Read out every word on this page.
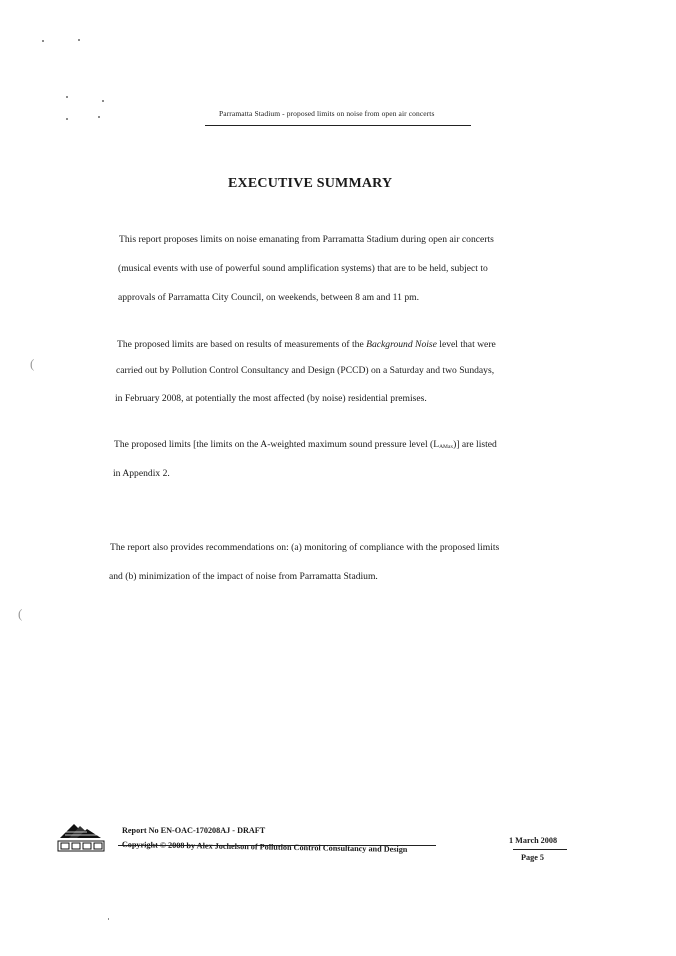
(
(
Parramatta Stadium - proposed limits on noise from open air concerts
EXECUTIVE SUMMARY
This report proposes limits on noise emanating from Parramatta Stadium during open air concerts
(musical events with use of powerful sound amplification systems) that are to be held, subject to
approvals of Parramatta City Council, on weekends, between 8 am and 11 pm.
The proposed limits are based on results of measurements of the Background Noise level that were
carried out by Pollution Control Consultancy and Design (PCCD) on a Saturday and two Sundays,
in February 2008, at potentially the most affected (by noise) residential premises.
The proposed limits [the limits on the A-weighted maximum sound pressure level (LAMax)] are listed
in Appendix 2.
The report also provides recommendations on: (a) monitoring of compliance with the proposed limits
and (b) minimization of the impact of noise from Parramatta Stadium.
Report No EN-OAC-170208AJ - DRAFT
Copyright © 2008 by Alex Jochelson of Pollution Control Consultancy and Design	1 March 2008
Page 5
